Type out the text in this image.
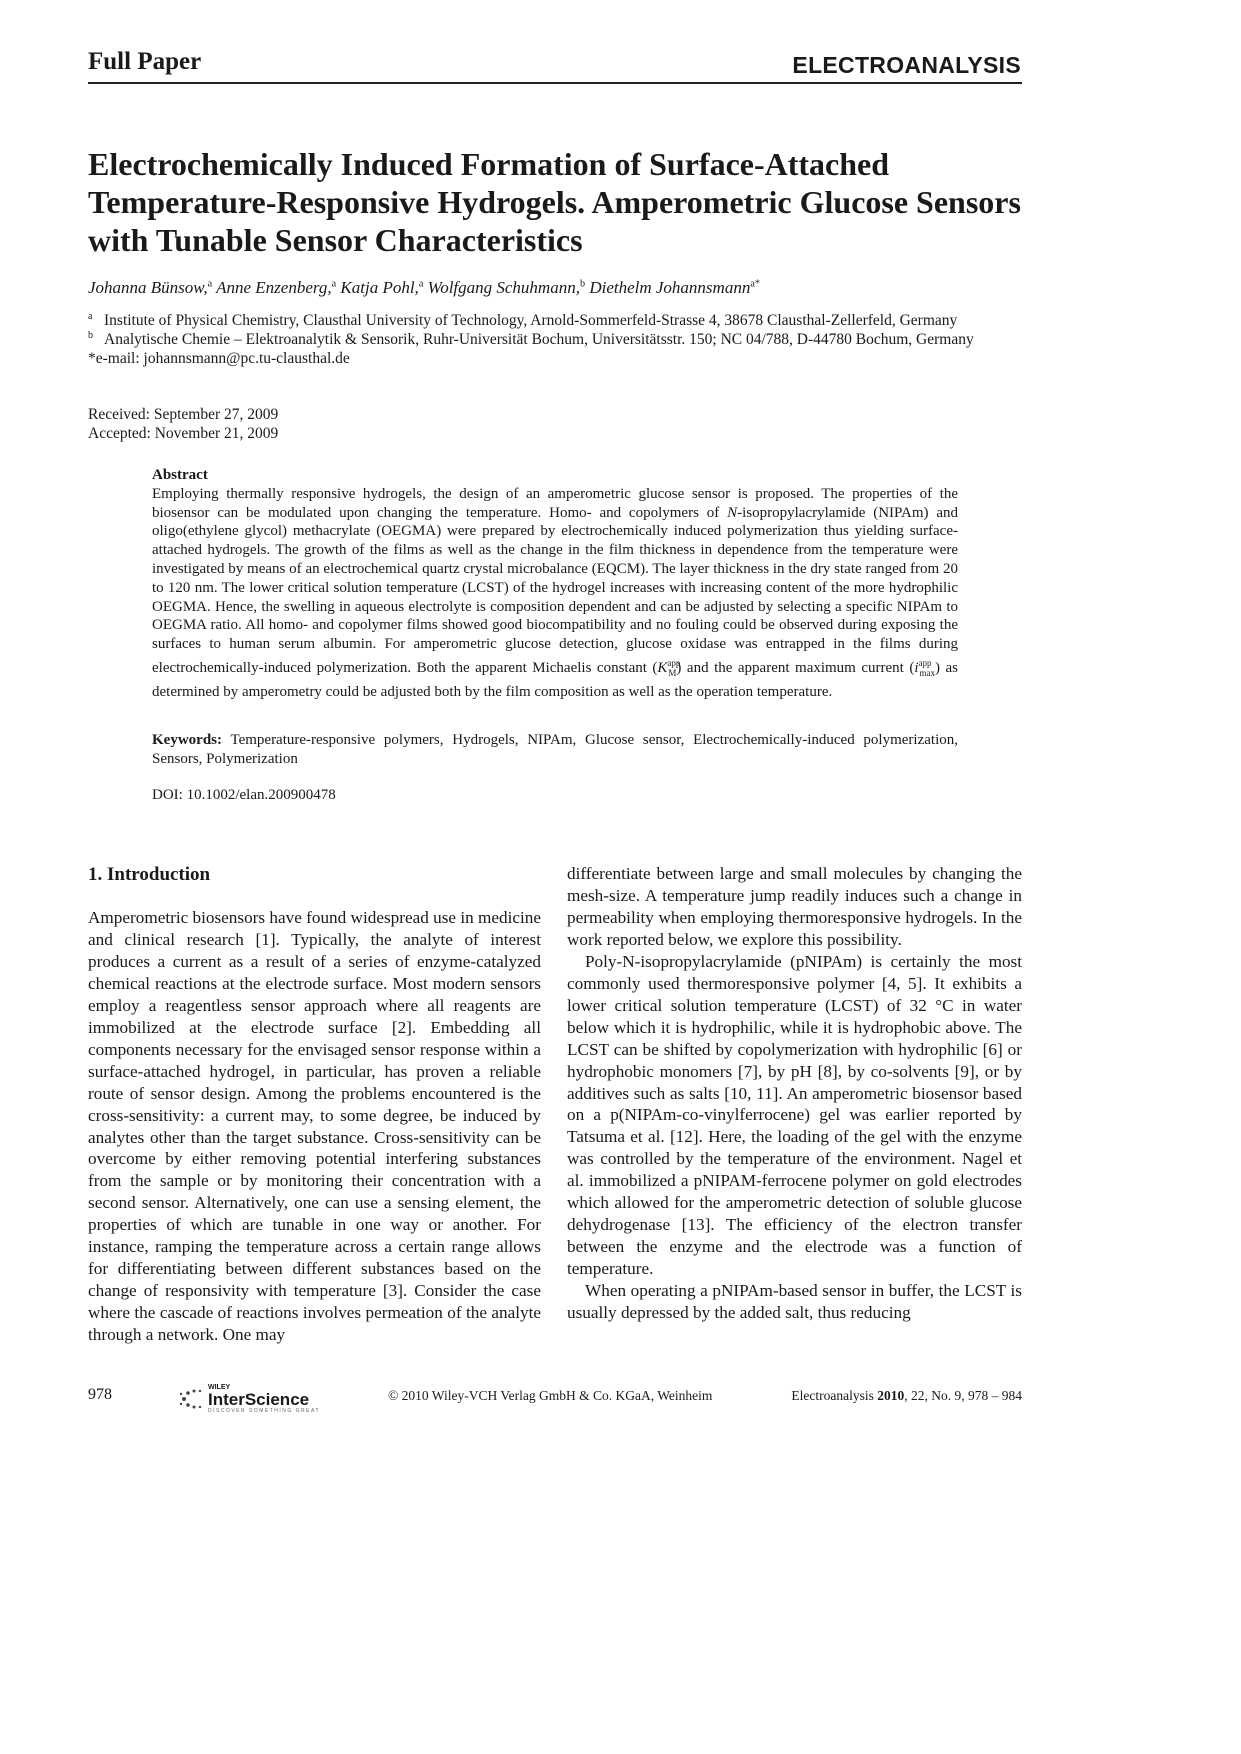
Full Paper	ELECTROANALYSIS
Electrochemically Induced Formation of Surface-Attached Temperature-Responsive Hydrogels. Amperometric Glucose Sensors with Tunable Sensor Characteristics
Johanna Bünsow,$^a$ Anne Enzenberg,$^a$ Katja Pohl,$^a$ Wolfgang Schuhmann,$^b$ Diethelm Johannsmann$^{a*}$
a Institute of Physical Chemistry, Clausthal University of Technology, Arnold-Sommerfeld-Strasse 4, 38678 Clausthal-Zellerfeld, Germany
b Analytische Chemie – Elektroanalytik & Sensorik, Ruhr-Universität Bochum, Universitätsstr. 150; NC 04/788, D-44780 Bochum, Germany
*e-mail: johannsmann@pc.tu-clausthal.de
Received: September 27, 2009
Accepted: November 21, 2009
Abstract

Employing thermally responsive hydrogels, the design of an amperometric glucose sensor is proposed. The properties of the biosensor can be modulated upon changing the temperature. Homo- and copolymers of N-isopropylacrylamide (NIPAm) and oligo(ethylene glycol) methacrylate (OEGMA) were prepared by electrochemically induced polymerization thus yielding surface-attached hydrogels. The growth of the films as well as the change in the film thickness in dependence from the temperature were investigated by means of an electrochemical quartz crystal microbalance (EQCM). The layer thickness in the dry state ranged from 20 to 120 nm. The lower critical solution temperature (LCST) of the hydrogel increases with increasing content of the more hydrophilic OEGMA. Hence, the swelling in aqueous electrolyte is composition dependent and can be adjusted by selecting a specific NIPAm to OEGMA ratio. All homo- and copolymer films showed good biocompatibility and no fouling could be observed during exposing the surfaces to human serum albumin. For amperometric glucose detection, glucose oxidase was entrapped in the films during electrochemically-induced polymerization. Both the apparent Michaelis constant $(K^{app}_M)$ and the apparent maximum current $(i^{app}_{max})$ as determined by amperometry could be adjusted both by the film composition as well as the operation temperature.

Keywords: Temperature-responsive polymers, Hydrogels, NIPAm, Glucose sensor, Electrochemically-induced polymerization, Sensors, Polymerization
DOI: 10.1002/elan.200900478
1. Introduction

Amperometric biosensors have found widespread use in medicine and clinical research [1]. Typically, the analyte of interest produces a current as a result of a series of enzyme-catalyzed chemical reactions at the electrode surface. Most modern sensors employ a reagentless sensor approach where all reagents are immobilized at the electrode surface [2]. Embedding all components necessary for the envisaged sensor response within a surface-attached hydrogel, in particular, has proven a reliable route of sensor design. Among the problems encountered is the cross-sensitivity: a current may, to some degree, be induced by analytes other than the target substance. Cross-sensitivity can be overcome by either removing potential interfering substances from the sample or by monitoring their concentration with a second sensor. Alternatively, one can use a sensing element, the properties of which are tunable in one way or another. For instance, ramping the temperature across a certain range allows for differentiating between different substances based on the change of responsivity with temperature [3]. Consider the case where the cascade of reactions involves permeation of the analyte through a network. One may

differentiate between large and small molecules by changing the mesh-size. A temperature jump readily induces such a change in permeability when employing thermoresponsive hydrogels. In the work reported below, we explore this possibility.

Poly-N-isopropylacrylamide (pNIPAm) is certainly the most commonly used thermoresponsive polymer [4, 5]. It exhibits a lower critical solution temperature (LCST) of 32 °C in water below which it is hydrophilic, while it is hydrophobic above. The LCST can be shifted by copolymerization with hydrophilic [6] or hydrophobic monomers [7], by pH [8], by co-solvents [9], or by additives such as salts [10, 11]. An amperometric biosensor based on a p(NIPAm-co-vinylferrocene) gel was earlier reported by Tatsuma et al. [12]. Here, the loading of the gel with the enzyme was controlled by the temperature of the environment. Nagel et al. immobilized a pNIPAM-ferrocene polymer on gold electrodes which allowed for the amperometric detection of soluble glucose dehydrogenase [13]. The efficiency of the electron transfer between the enzyme and the electrode was a function of temperature.

When operating a pNIPAm-based sensor in buffer, the LCST is usually depressed by the added salt, thus reducing

978	WILEY
InterScience
DISCOVER SOMETHING GREAT
© 2010 Wiley-VCH Verlag GmbH & Co. KGaA, Weinheim	Electroanalysis 2010, 22, No. 9, 978 – 984
